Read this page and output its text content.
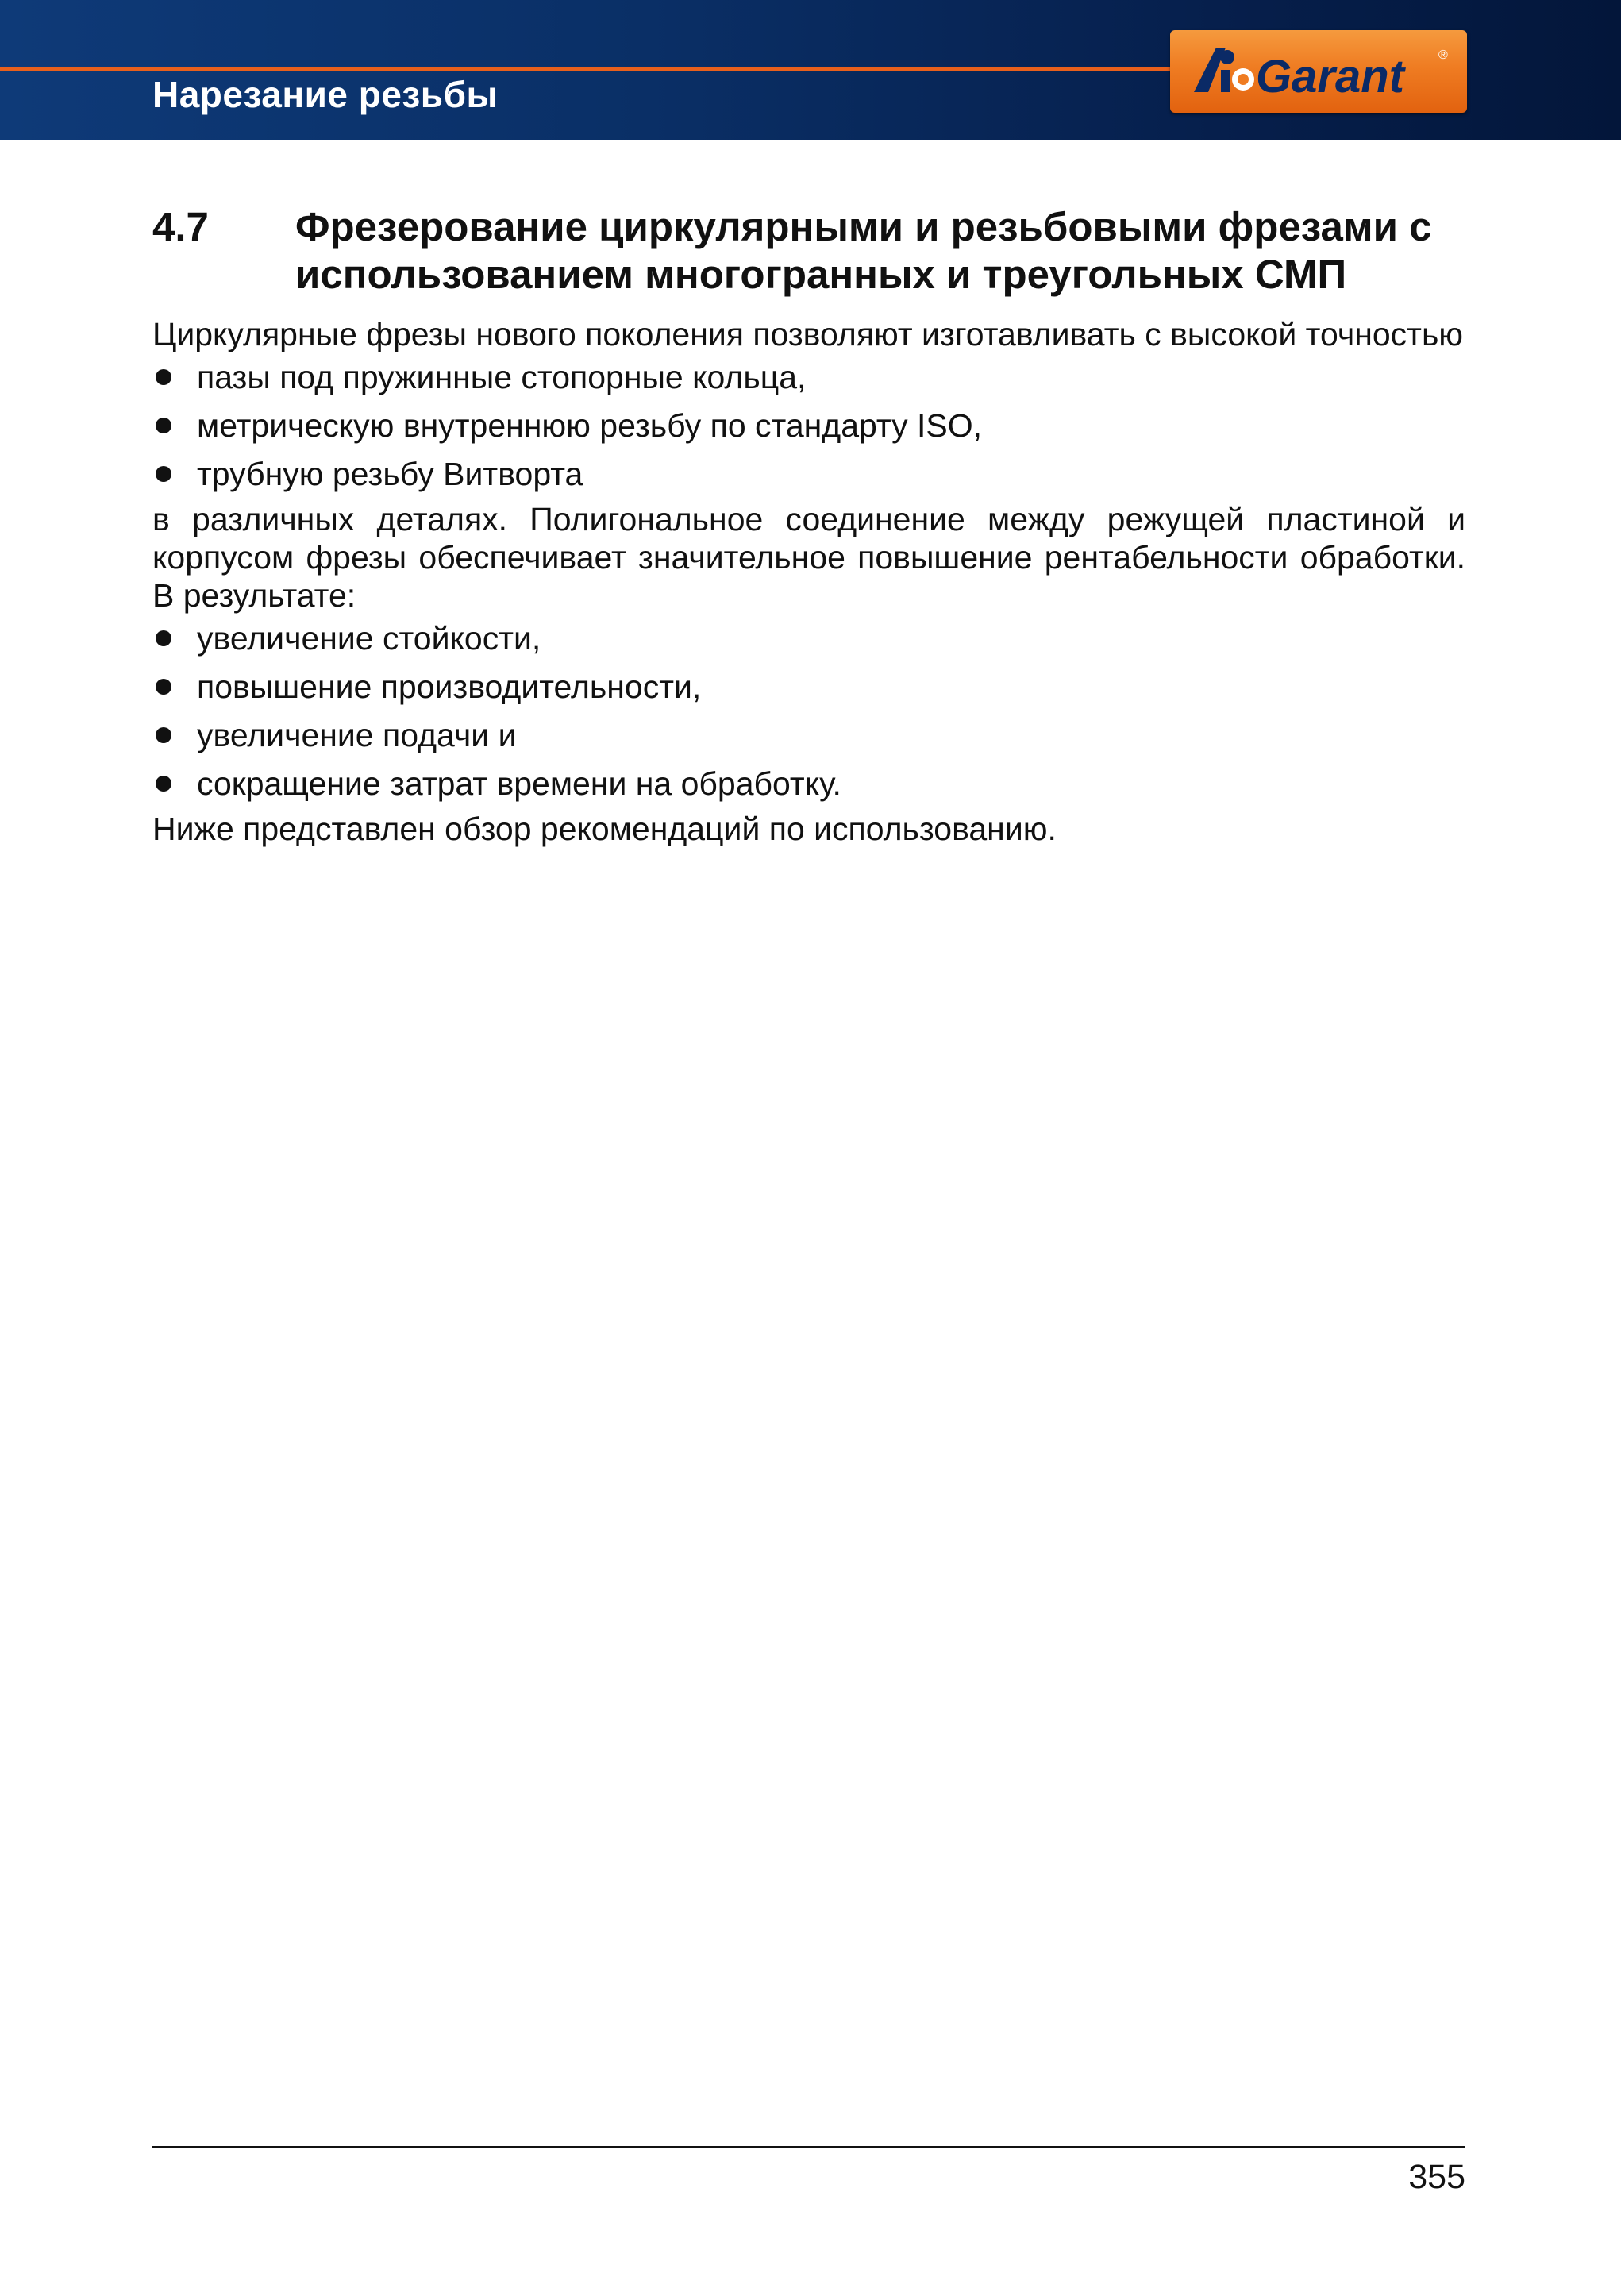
Нарезание резьбы	Garant	®
4.7 Фрезерование циркулярными и резьбовыми фрезами с использованием многогранных и треугольных СМП

Циркулярные фрезы нового поколения позволяют изготавливать с высокой точностью

пазы под пружинные стопорные кольца,
метрическую внутреннюю резьбу по стандарту ISO,
трубную резьбу Витворта

в различных деталях. Полигональное соединение между режущей пластиной и корпусом фрезы обеспечивает значительное повышение рентабельности обработки. В результате:

увеличение стойкости,
повышение производительности,
увеличение подачи и
сокращение затрат времени на обработку.

Ниже представлен обзор рекомендаций по использованию.

355
